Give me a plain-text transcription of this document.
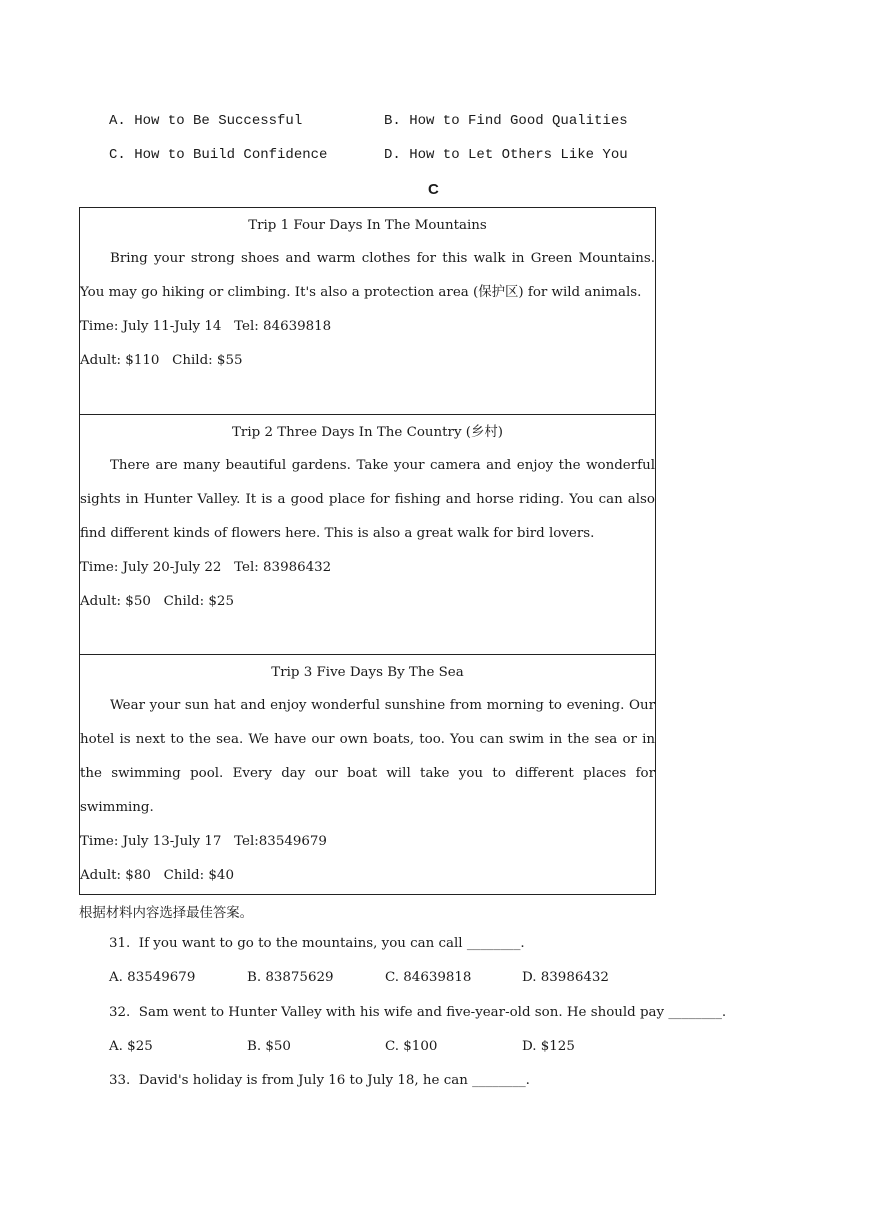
A. How to Be Successful	B. How to Find Good Qualities
C. How to Build Confidence	D. How to Let Others Like You
C
Trip 1 Four Days In The Mountains
Bring your strong shoes and warm clothes for this walk in Green Mountains. You may go hiking or climbing. It's also a protection area (保护区) for wild animals.
Time: July 11-July 14   Tel: 84639818
Adult: $110   Child: $55

Trip 2 Three Days In The Country (乡村)
There are many beautiful gardens. Take your camera and enjoy the wonderful sights in Hunter Valley. It is a good place for fishing and horse riding. You can also find different kinds of flowers here. This is also a great walk for bird lovers.
Time: July 20-July 22   Tel: 83986432
Adult: $50   Child: $25

Trip 3 Five Days By The Sea
Wear your sun hat and enjoy wonderful sunshine from morning to evening. Our hotel is next to the sea. We have our own boats, too. You can swim in the sea or in the swimming pool. Every day our boat will take you to different places for swimming.
Time: July 13-July 17   Tel:83549679
Adult: $80   Child: $40
根据材料内容选择最佳答案。
31.  If you want to go to the mountains, you can call ________.
A. 83549679	B. 83875629	C. 84639818	D. 83986432
32.  Sam went to Hunter Valley with his wife and five-year-old son. He should pay ________.
A. $25	B. $50	C. $100	D. $125
33.  David's holiday is from July 16 to July 18, he can ________.
